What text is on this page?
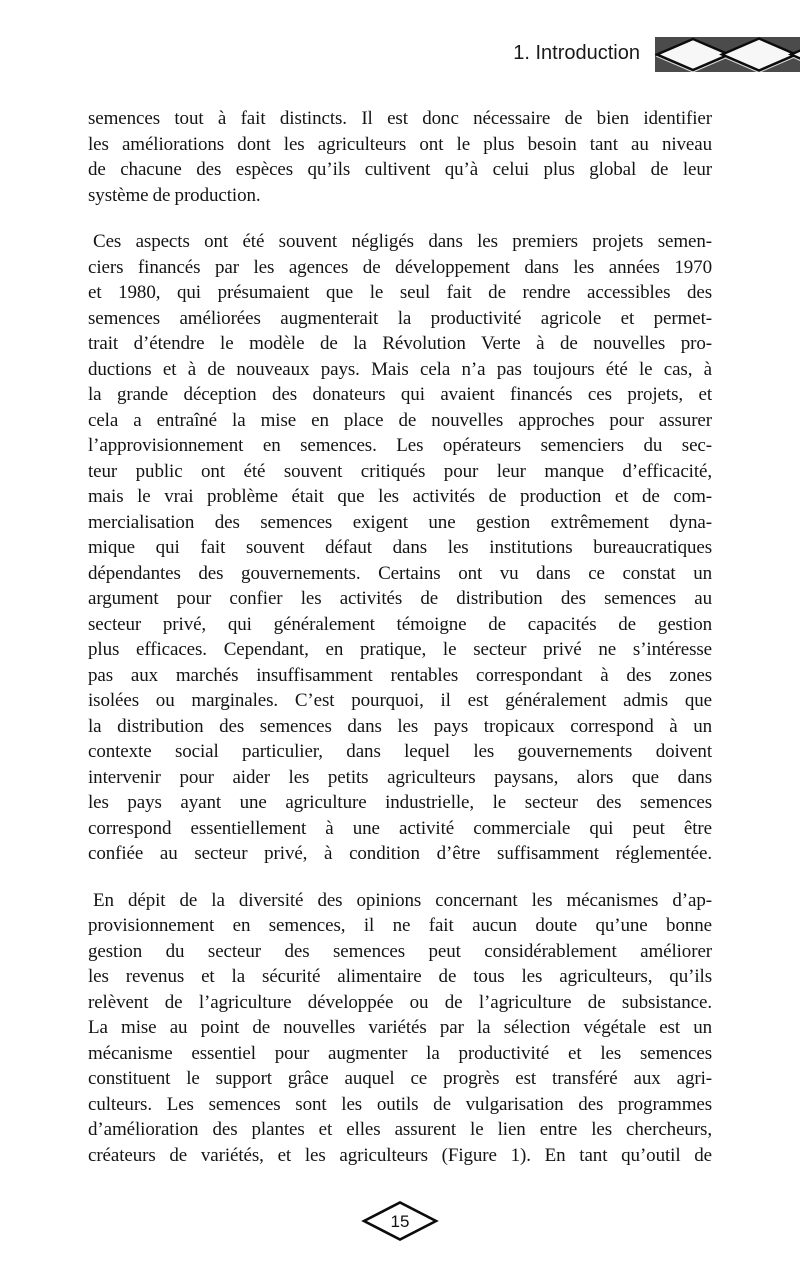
1. Introduction
semences tout à fait distincts. Il est donc nécessaire de bien identifier
les améliorations dont les agriculteurs ont le plus besoin tant au niveau
de chacune des espèces qu’ils cultivent qu’à celui plus global de leur
système de production.
Ces aspects ont été souvent négligés dans les premiers projets semen-
ciers financés par les agences de développement dans les années 1970
et 1980, qui présumaient que le seul fait de rendre accessibles des
semences améliorées augmenterait la productivité agricole et permet-
trait d’étendre le modèle de la Révolution Verte à de nouvelles pro-
ductions et à de nouveaux pays. Mais cela n’a pas toujours été le cas, à
la grande déception des donateurs qui avaient financés ces projets, et
cela a entraîné la mise en place de nouvelles approches pour assurer
l’approvisionnement en semences. Les opérateurs semenciers du sec-
teur public ont été souvent critiqués pour leur manque d’efficacité,
mais le vrai problème était que les activités de production et de com-
mercialisation des semences exigent une gestion extrêmement dyna-
mique qui fait souvent défaut dans les institutions bureaucratiques
dépendantes des gouvernements. Certains ont vu dans ce constat un
argument pour confier les activités de distribution des semences au
secteur privé, qui généralement témoigne de capacités de gestion
plus efficaces. Cependant, en pratique, le secteur privé ne s’intéresse
pas aux marchés insuffisamment rentables correspondant à des zones
isolées ou marginales. C’est pourquoi, il est généralement admis que
la distribution des semences dans les pays tropicaux correspond à un
contexte social particulier, dans lequel les gouvernements doivent
intervenir pour aider les petits agriculteurs paysans, alors que dans
les pays ayant une agriculture industrielle, le secteur des semences
correspond essentiellement à une activité commerciale qui peut être
confiée au secteur privé, à condition d’être suffisamment réglementée.
En dépit de la diversité des opinions concernant les mécanismes d’ap-
provisionnement en semences, il ne fait aucun doute qu’une bonne
gestion du secteur des semences peut considérablement améliorer
les revenus et la sécurité alimentaire de tous les agriculteurs, qu’ils
relèvent de l’agriculture développée ou de l’agriculture de subsistance.
La mise au point de nouvelles variétés par la sélection végétale est un
mécanisme essentiel pour augmenter la productivité et les semences
constituent le support grâce auquel ce progrès est transféré aux agri-
culteurs. Les semences sont les outils de vulgarisation des programmes
d’amélioration des plantes et elles assurent le lien entre les chercheurs,
créateurs de variétés, et les agriculteurs (Figure 1). En tant qu’outil de
15
